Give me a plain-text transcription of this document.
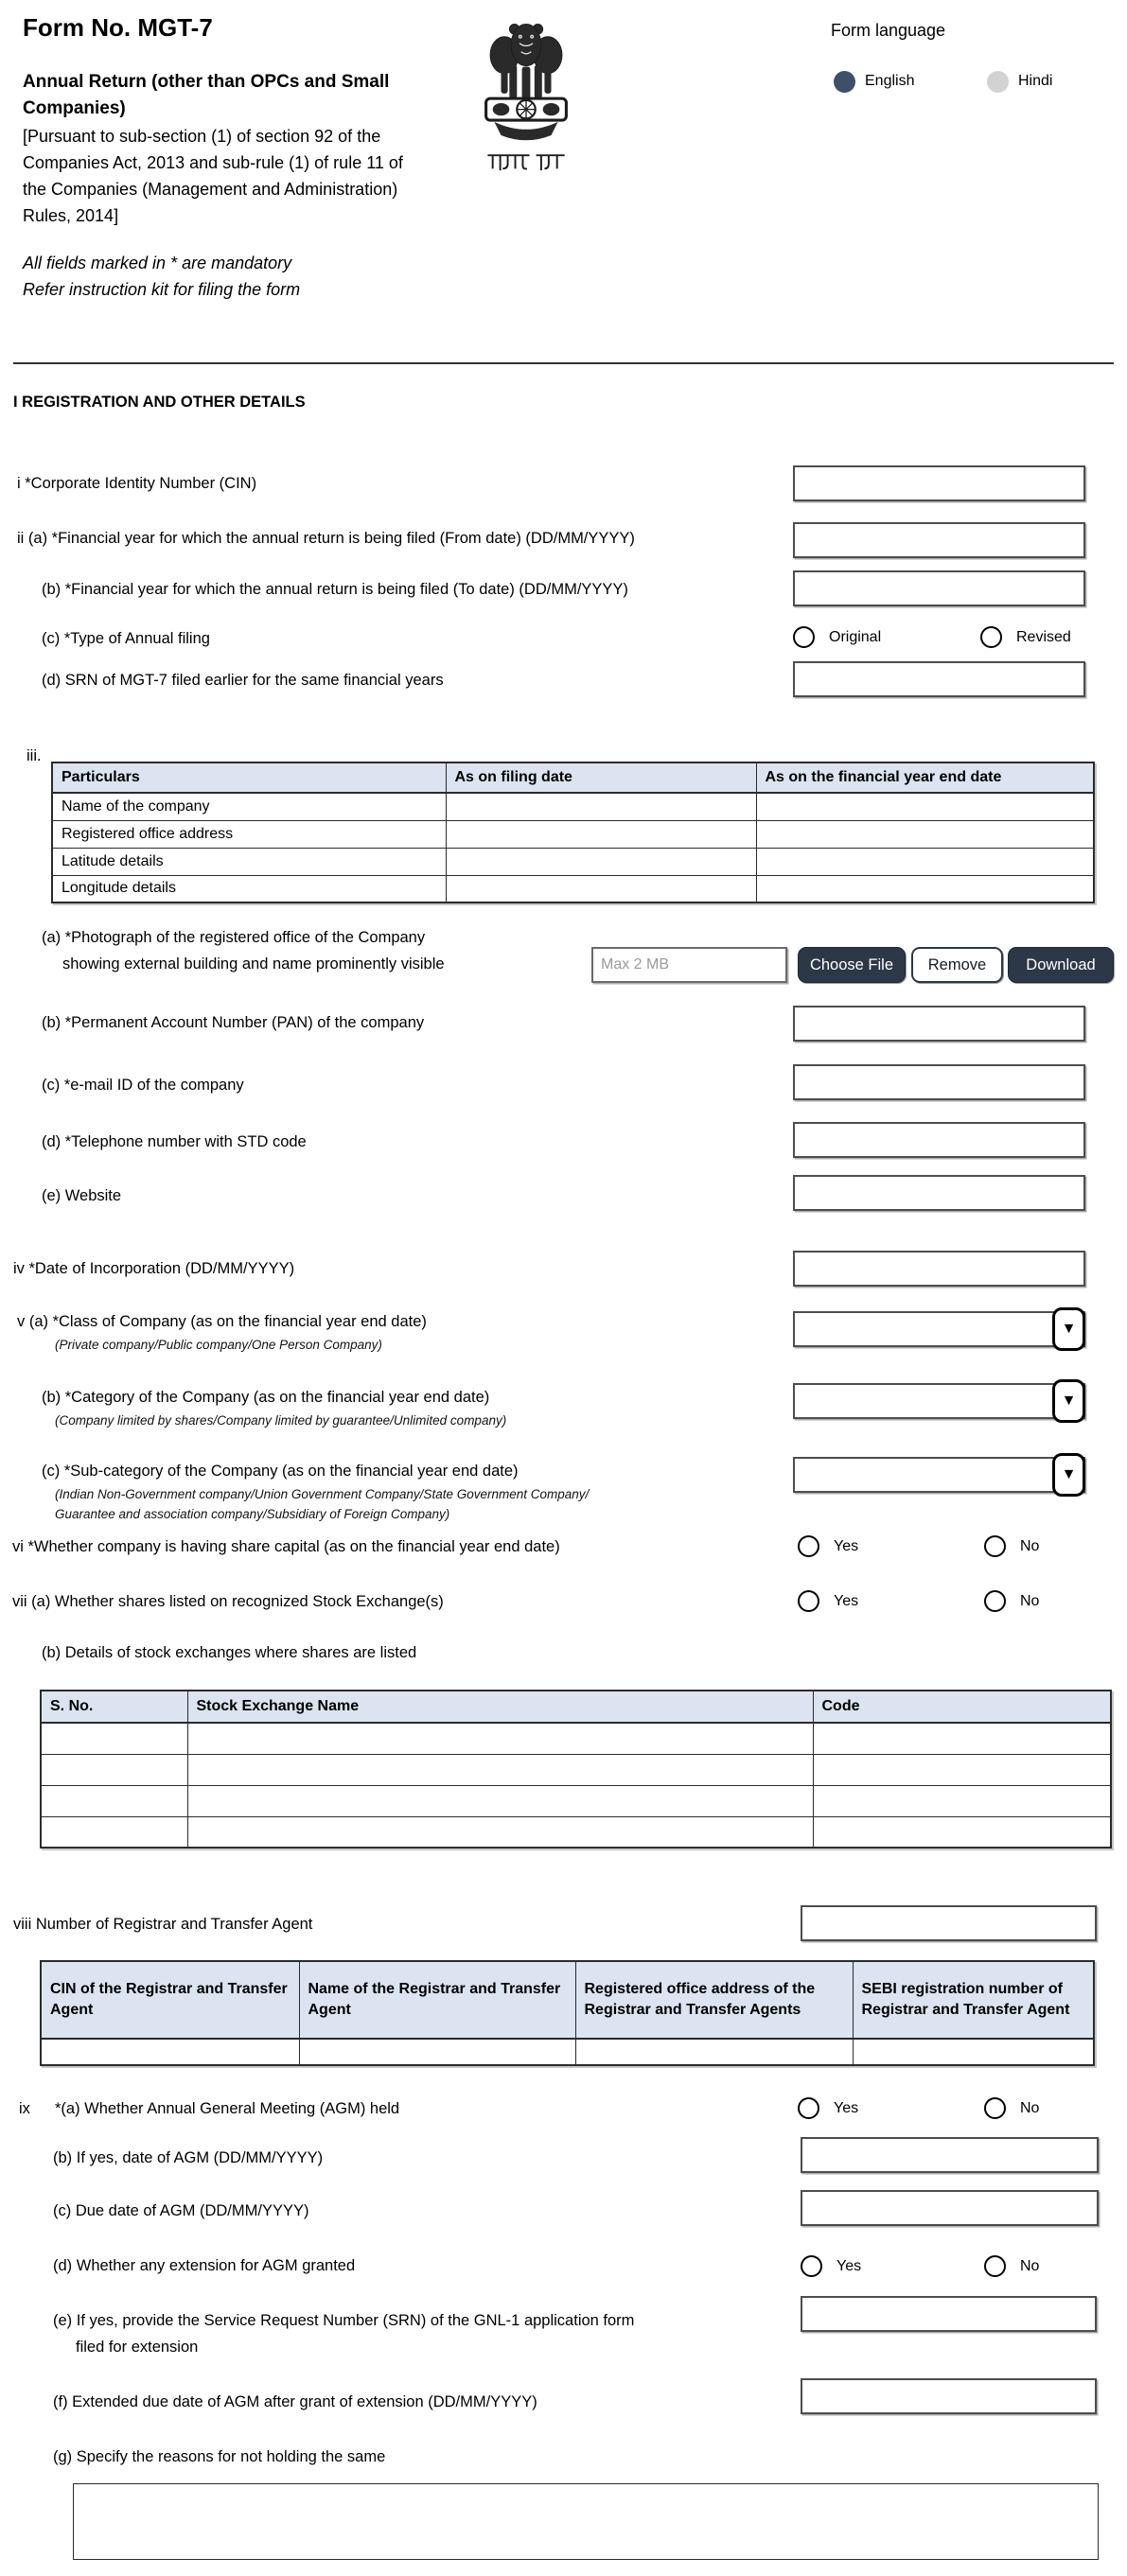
Form No. MGT-7
Annual Return (other than OPCs and Small
Companies)
[Pursuant to sub-section (1) of section 92 of the
Companies Act, 2013 and sub-rule (1) of rule 11 of
the Companies (Management and Administration)
Rules, 2014]
All fields marked in * are mandatory
Refer instruction kit for filing the form
Form language
English	Hindi
I REGISTRATION AND OTHER DETAILS
i *Corporate Identity Number (CIN)
ii (a) *Financial year for which the annual return is being filed (From date) (DD/MM/YYYY)
(b) *Financial year for which the annual return is being filed (To date) (DD/MM/YYYY)
(c) *Type of Annual filing	Original	Revised
(d) SRN of MGT-7 filed earlier for the same financial years
iii.
Particulars	As on filing date	As on the financial year end date
Name of the company		
Registered office address		
Latitude details		
Longitude details		
(a) *Photograph of the registered office of the Company
showing external building and name prominently visible
Max 2 MB	Choose File	Remove	Download
(b) *Permanent Account Number (PAN) of the company
(c) *e-mail ID of the company
(d) *Telephone number with STD code
(e) Website
iv *Date of Incorporation (DD/MM/YYYY)
v (a) *Class of Company (as on the financial year end date)
(Private company/Public company/One Person Company)
▼
(b) *Category of the Company (as on the financial year end date)
(Company limited by shares/Company limited by guarantee/Unlimited company)
▼
(c) *Sub-category of the Company (as on the financial year end date)
(Indian Non-Government company/Union Government Company/State Government Company/
Guarantee and association company/Subsidiary of Foreign Company)
▼
vi *Whether company is having share capital (as on the financial year end date)	Yes	No
vii (a) Whether shares listed on recognized Stock Exchange(s)	Yes	No
(b) Details of stock exchanges where shares are listed
S. No.	Stock Exchange Name	Code

viii Number of Registrar and Transfer Agent
CIN of the Registrar and Transfer Agent	Name of the Registrar and Transfer Agent	Registered office address of the Registrar and Transfer Agents	SEBI registration number of Registrar and Transfer Agent

ix *(a) Whether Annual General Meeting (AGM) held	Yes	No
(b) If yes, date of AGM (DD/MM/YYYY)
(c) Due date of AGM (DD/MM/YYYY)
(d) Whether any extension for AGM granted	Yes	No
(e) If yes, provide the Service Request Number (SRN) of the GNL-1 application form
filed for extension
(f) Extended due date of AGM after grant of extension (DD/MM/YYYY)
(g) Specify the reasons for not holding the same
